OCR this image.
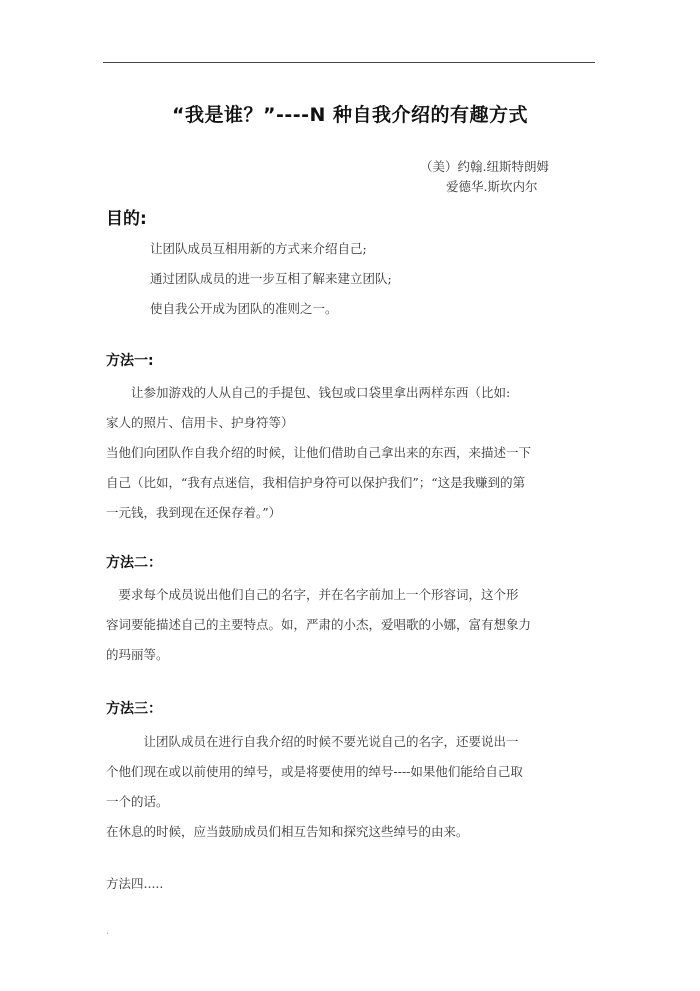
“我是谁？”----N 种自我介绍的有趣方式
（美）约翰.纽斯特朗姆
爱德华.斯坎内尔
目的:
让团队成员互相用新的方式来介绍自己;
通过团队成员的进一步互相了解来建立团队;
使自我公开成为团队的准则之一。
方法一:
　　让参加游戏的人从自己的手提包、钱包或口袋里拿出两样东西（比如:
家人的照片、信用卡、护身符等）
当他们向团队作自我介绍的时候，让他们借助自己拿出来的东西，来描述一下
自己（比如，“我有点迷信，我相信护身符可以保护我们”；“这是我赚到的第
一元钱，我到现在还保存着。”）
方法二：
　要求每个成员说出他们自己的名字，并在名字前加上一个形容词，这个形
容词要能描述自己的主要特点。如，严肃的小杰，爱唱歌的小娜，富有想象力
的玛丽等。
方法三：
　　　让团队成员在进行自我介绍的时候不要光说自己的名字，还要说出一
个他们现在或以前使用的绰号，或是将要使用的绰号----如果他们能给自己取
一个的话。
在休息的时候，应当鼓励成员们相互告知和探究这些绰号的由来。
方法四.....
.
